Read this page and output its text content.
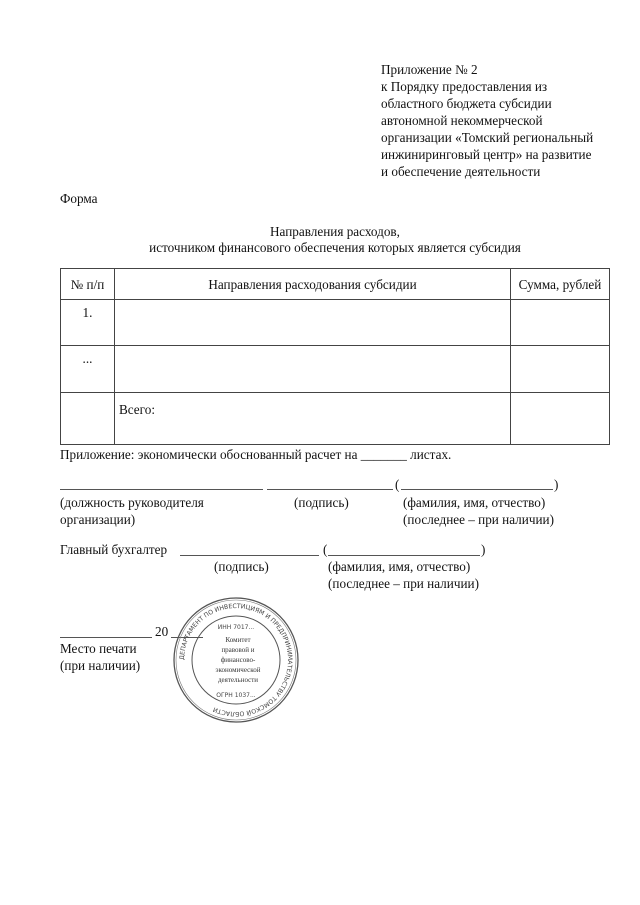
Приложение № 2
к Порядку предоставления из
областного бюджета субсидии
автономной некоммерческой
организации «Томский региональный
инжиниринговый центр» на развитие
и обеспечение деятельности
Форма
Направления расходов,
источником финансового обеспечения которых является субсидия
№ п/п	Направления расходования субсидии	Сумма, рублей
1.		
...		
	Всего:	
Приложение: экономически обоснованный расчет на _______ листах.
(	)
(должность руководителя
организации)
(подпись)	(фамилия, имя, отчество)
(последнее – при наличии)
Главный бухгалтер	(	)
(подпись)	(фамилия, имя, отчество)
(последнее – при наличии)
20
Место печати
(при наличии)
ДЕПАРТАМЕНТ ПО ИНВЕСТИЦИЯМ И ПРЕДПРИНИМАТЕЛЬСТВУ ТОМСКОЙ ОБЛАСТИ
ИНН 7017...
Комитет
правовой и
финансово-
экономической
деятельности
ОГРН 1037...
